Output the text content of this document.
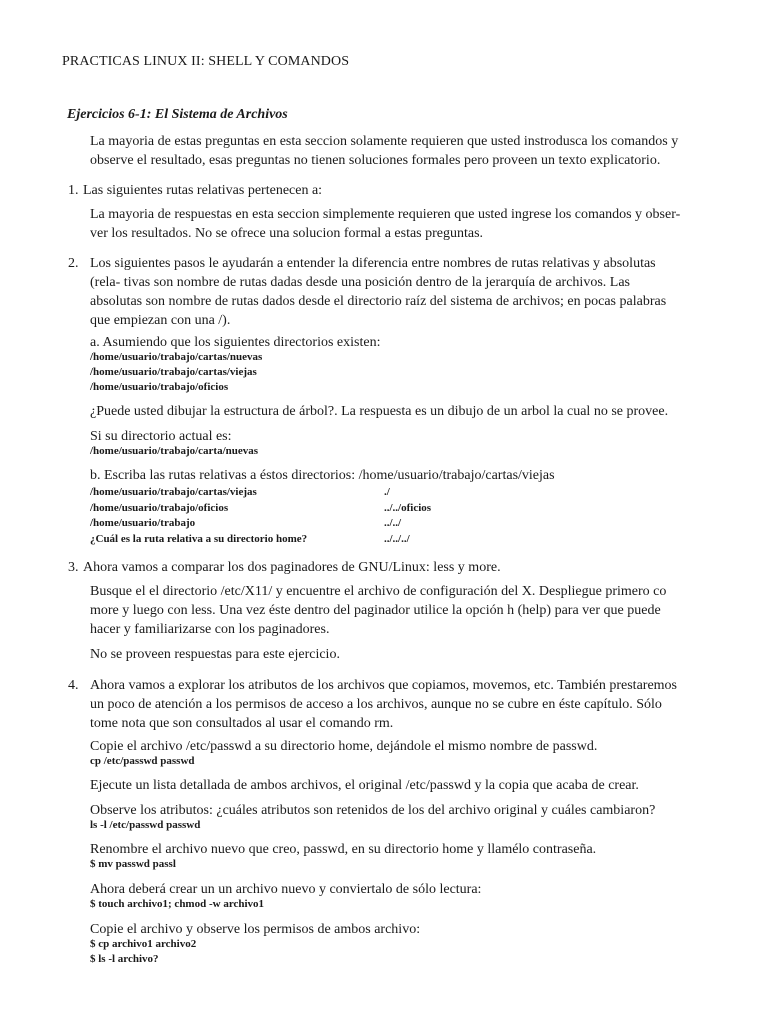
PRACTICAS LINUX II: SHELL Y COMANDOS
Ejercicios 6-1: El Sistema de Archivos
La mayoria de estas preguntas en esta seccion solamente requieren que usted instrodusca los comandos y
observe el resultado, esas preguntas no tienen soluciones formales pero proveen un texto explicatorio.
1. Las siguientes rutas relativas pertenecen a:
La mayoria de respuestas en esta seccion simplemente requieren que usted ingrese los comandos y obser-
ver los resultados. No se ofrece una solucion formal a estas preguntas.
2. Los siguientes pasos le ayudarán a entender la diferencia entre nombres de rutas relativas y absolutas
(rela- tivas son nombre de rutas dadas desde una posición dentro de la jerarquía de archivos. Las
absolutas son nombre de rutas dados desde el directorio raíz del sistema de archivos; en pocas palabras
que empiezan con una /).
a. Asumiendo que los siguientes directorios existen:
/home/usuario/trabajo/cartas/nuevas
/home/usuario/trabajo/cartas/viejas
/home/usuario/trabajo/oficios
¿Puede usted dibujar la estructura de árbol?. La respuesta es un dibujo de un arbol la cual no se provee.
Si su directorio actual es:
/home/usuario/trabajo/carta/nuevas
b. Escriba las rutas relativas a éstos directorios: /home/usuario/trabajo/cartas/viejas
/home/usuario/trabajo/cartas/viejas	./
/home/usuario/trabajo/oficios	../../oficios
/home/usuario/trabajo	../../
¿Cuál es la ruta relativa a su directorio home?	../../../
3. Ahora vamos a comparar los dos paginadores de GNU/Linux: less y more.
Busque el el directorio /etc/X11/ y encuentre el archivo de configuración del X. Despliegue primero co
more y luego con less. Una vez éste dentro del paginador utilice la opción h (help) para ver que puede
hacer y familiarizarse con los paginadores.
No se proveen respuestas para este ejercicio.
4. Ahora vamos a explorar los atributos de los archivos que copiamos, movemos, etc. También prestaremos
un poco de atención a los permisos de acceso a los archivos, aunque no se cubre en éste capítulo. Sólo
tome nota que son consultados al usar el comando rm.
Copie el archivo /etc/passwd a su directorio home, dejándole el mismo nombre de passwd.
cp /etc/passwd passwd
Ejecute un lista detallada de ambos archivos, el original /etc/passwd y la copia que acaba de crear.
Observe los atributos: ¿cuáles atributos son retenidos de los del archivo original y cuáles cambiaron?
ls -l /etc/passwd passwd
Renombre el archivo nuevo que creo, passwd, en su directorio home y llamélo contraseña.
$ mv passwd passl
Ahora deberá crear un un archivo nuevo y conviertalo de sólo lectura:
$ touch archivo1; chmod -w archivo1
Copie el archivo y observe los permisos de ambos archivo:
$ cp archivo1 archivo2
$ ls -l archivo?
